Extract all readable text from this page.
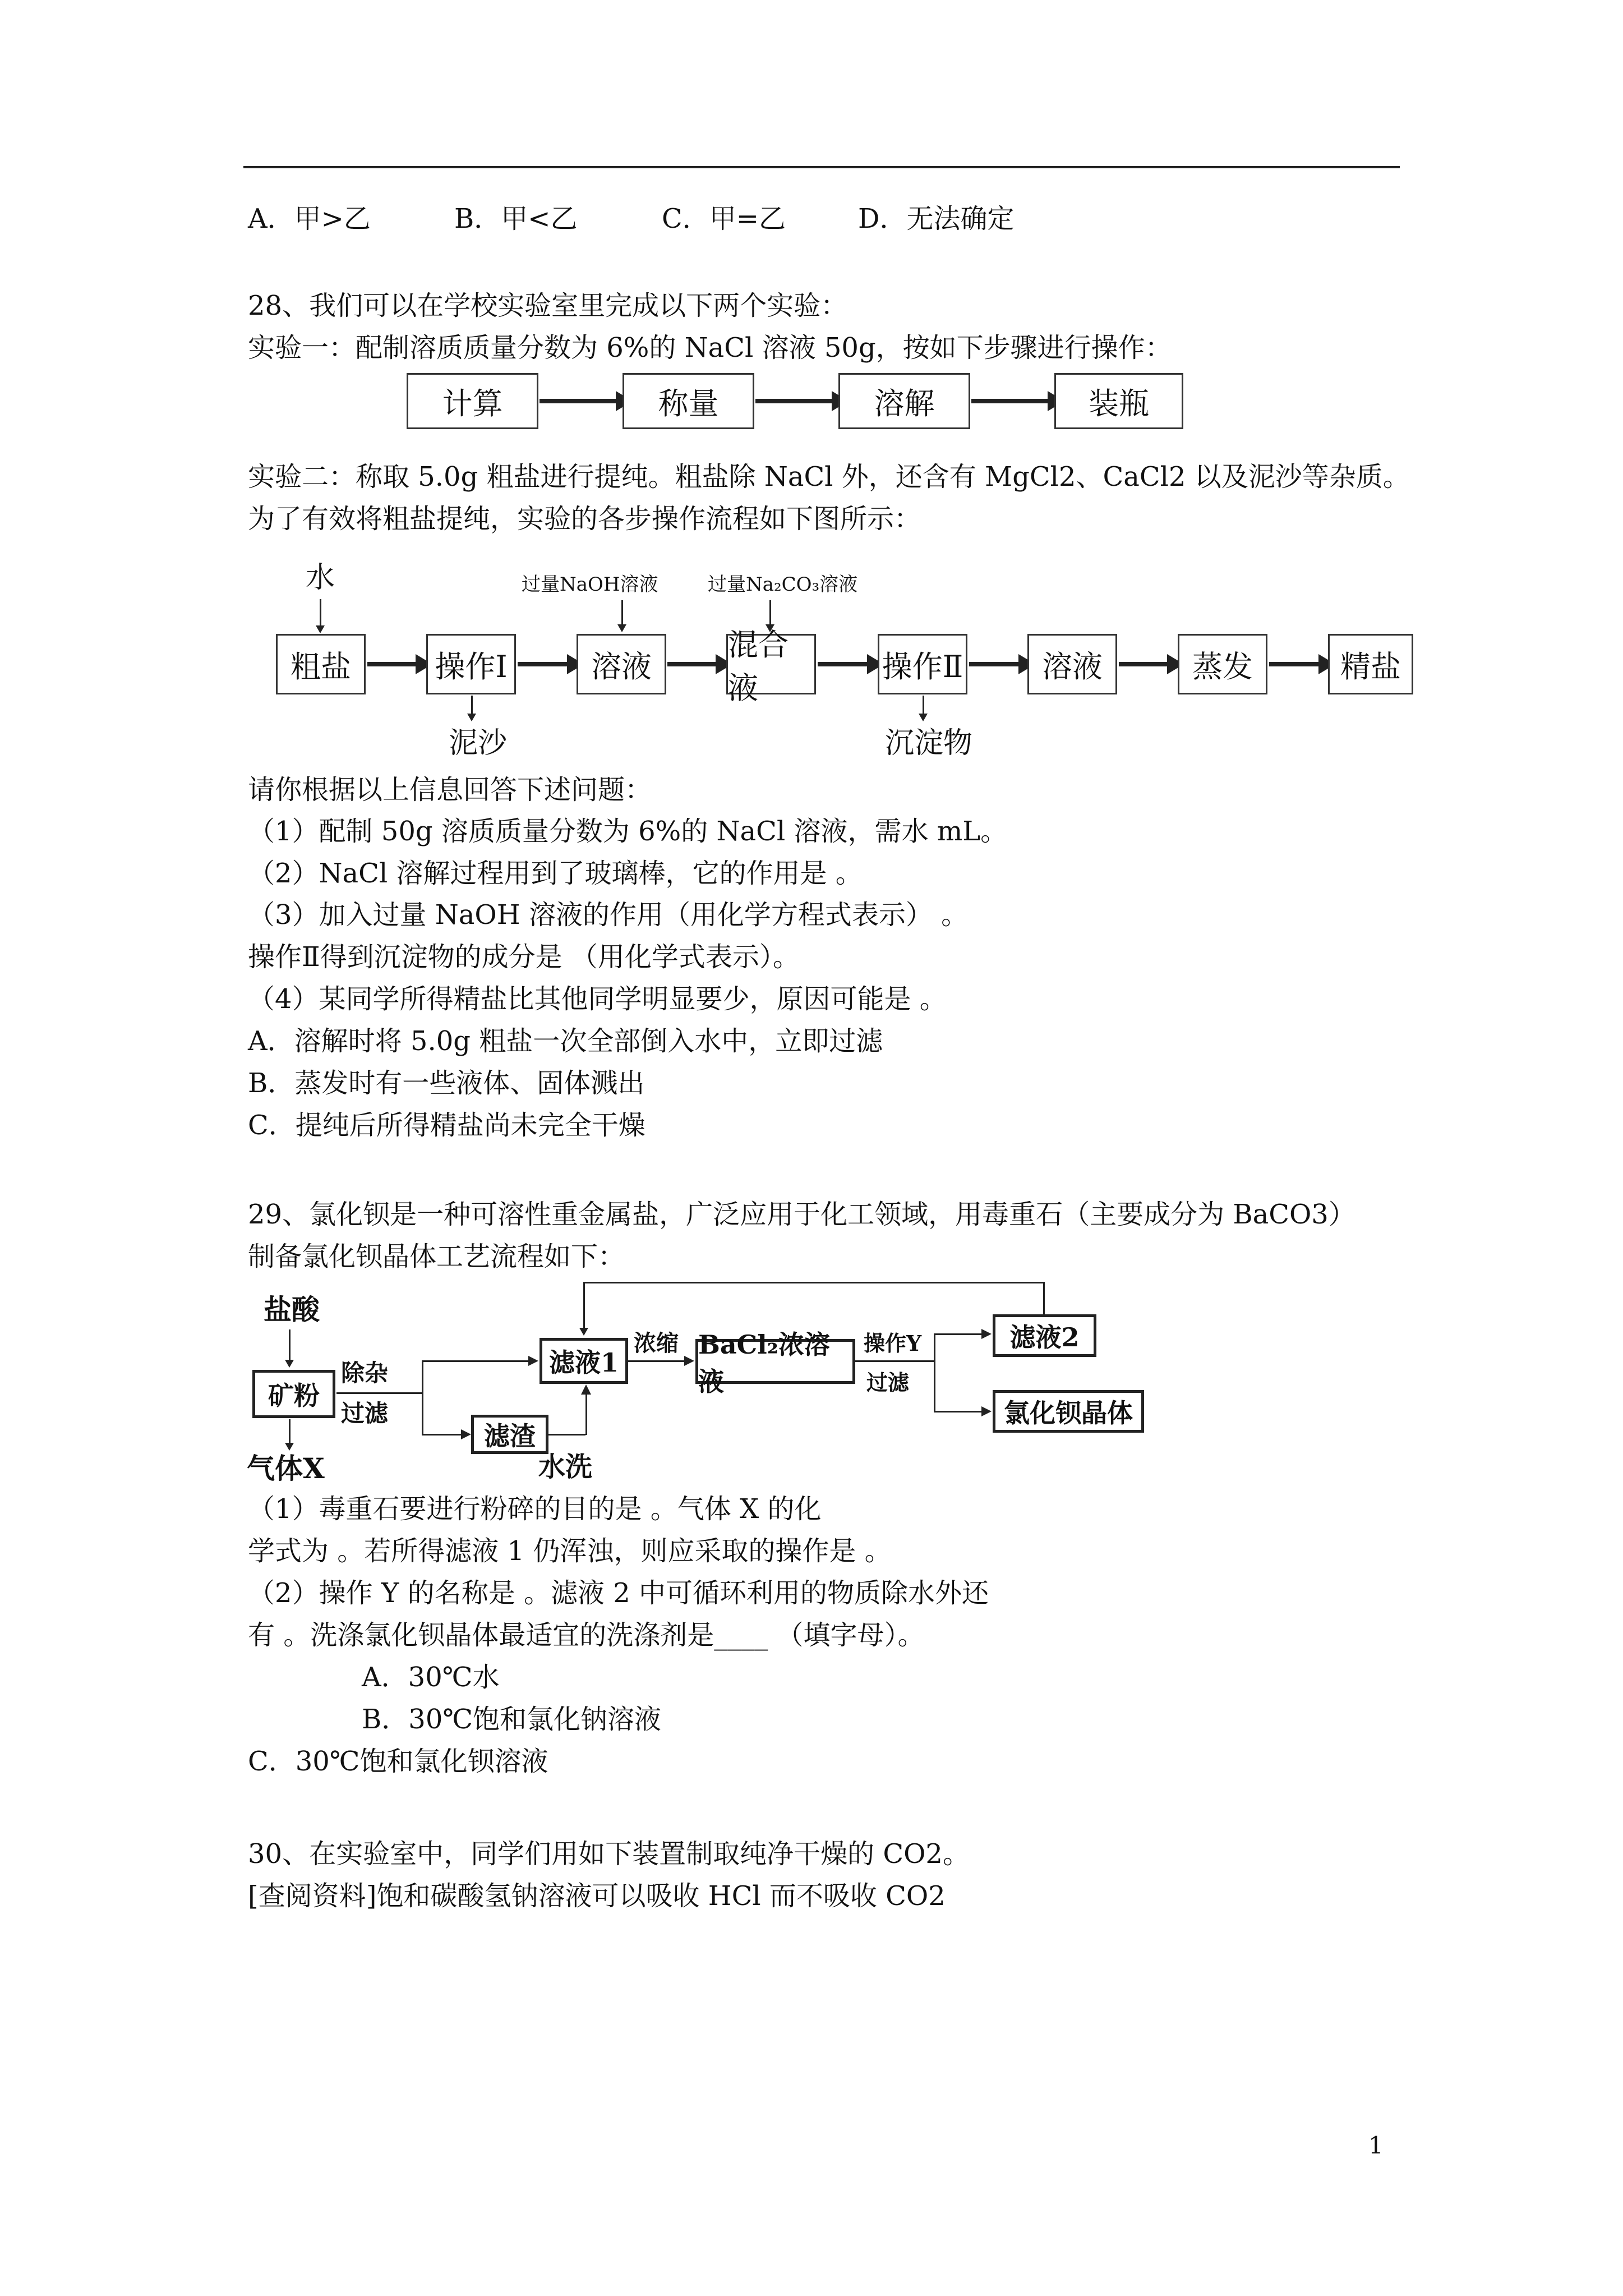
A．甲>乙	B．甲<乙	C．甲=乙	D．无法确定
28、我们可以在学校实验室里完成以下两个实验：
实验一：配制溶质质量分数为 6%的 NaCl 溶液 50g，按如下步骤进行操作：
计算	称量	溶解	装瓶
实验二：称取 5.0g 粗盐进行提纯。粗盐除 NaCl 外，还含有 MgCl2、CaCl2 以及泥沙等杂质。
为了有效将粗盐提纯，实验的各步操作流程如下图所示：
水	过量NaOH溶液	过量Na₂CO₃溶液
粗盐	操作Ⅰ	溶液
混合液
操作Ⅱ	溶液	蒸发	精盐
泥沙	沉淀物
请你根据以上信息回答下述问题：
（1）配制 50g 溶质质量分数为 6%的 NaCl 溶液，需水 mL。
（2）NaCl 溶解过程用到了玻璃棒，它的作用是 。
（3）加入过量 NaOH 溶液的作用（用化学方程式表示） 。
操作Ⅱ得到沉淀物的成分是 （用化学式表示）。
（4）某同学所得精盐比其他同学明显要少，原因可能是 。
A．溶解时将 5.0g 粗盐一次全部倒入水中，立即过滤
B．蒸发时有一些液体、固体溅出
C．提纯后所得精盐尚未完全干燥
29、氯化钡是一种可溶性重金属盐，广泛应用于化工领域，用毒重石（主要成分为 BaCO3）
制备氯化钡晶体工艺流程如下：
盐酸
矿粉
气体X
除杂
过滤
滤液1
滤渣
水洗
浓缩 BaCl₂浓溶液
操作Y
过滤
滤液2
氯化钡晶体
（1）毒重石要进行粉碎的目的是 。气体 X 的化
学式为 。若所得滤液 1 仍浑浊，则应采取的操作是 。
（2）操作 Y 的名称是 。滤液 2 中可循环利用的物质除水外还
有 。洗涤氯化钡晶体最适宜的洗涤剂是____ （填字母）。
A．30℃水
B．30℃饱和氯化钠溶液
C．30℃饱和氯化钡溶液
30、在实验室中，同学们用如下装置制取纯净干燥的 CO2。
[查阅资料]饱和碳酸氢钠溶液可以吸收 HCl 而不吸收 CO2
1
